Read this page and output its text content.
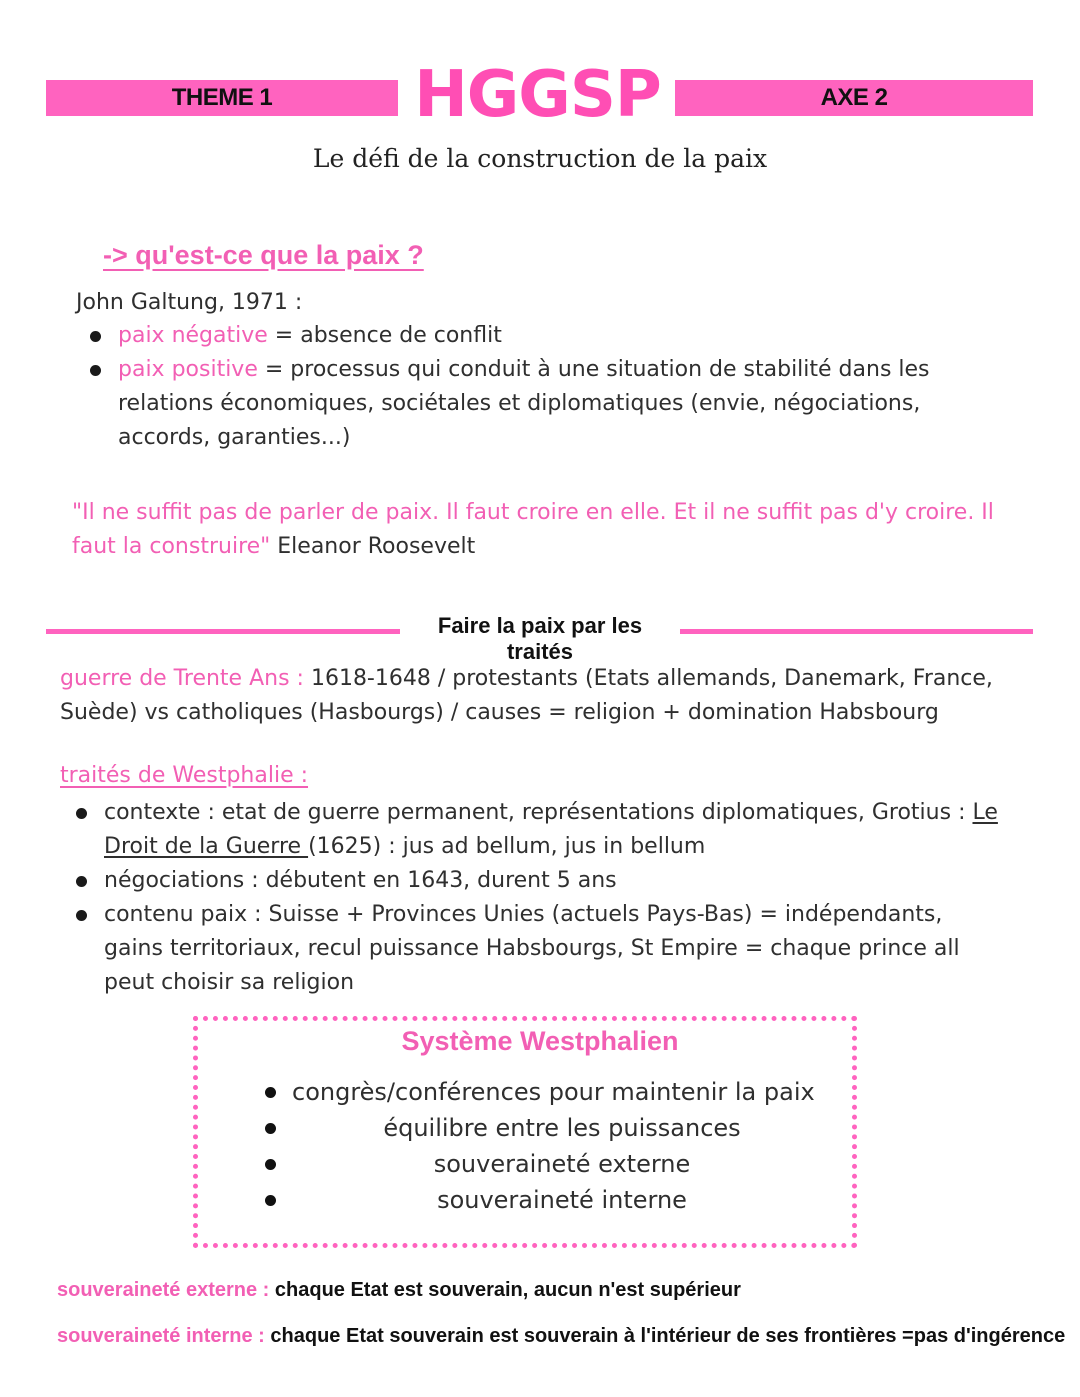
THEME 1 HGGSP	AXE 2
Le défi de la construction de la paix
-> qu'est-ce que la paix ?
John Galtung, 1971 :
paix négative = absence de conflit
paix positive = processus qui conduit à une situation de stabilité dans les relations économiques, sociétales et diplomatiques (envie, négociations, accords, garanties...)
"Il ne suffit pas de parler de paix. Il faut croire en elle. Et il ne suffit pas d'y croire. Il faut la construire" Eleanor Roosevelt
Faire la paix par les traités
guerre de Trente Ans : 1618-1648 / protestants (Etats allemands, Danemark, France, Suède) vs catholiques (Hasbourgs) / causes = religion + domination Habsbourg
traités de Westphalie :
contexte : etat de guerre permanent, représentations diplomatiques, Grotius : Le Droit de la Guerre (1625) : jus ad bellum, jus in bellum
négociations : débutent en 1643, durent 5 ans
contenu paix : Suisse + Provinces Unies (actuels Pays-Bas) = indépendants, gains territoriaux, recul puissance Habsbourgs, St Empire = chaque prince all peut choisir sa religion
Système Westphalien
congrès/conférences pour maintenir la paix
équilibre entre les puissances
souveraineté externe
souveraineté interne
souveraineté externe : chaque Etat est souverain, aucun n'est supérieur
souveraineté interne : chaque Etat souverain est souverain à l'intérieur de ses frontières =pas d'ingérence
